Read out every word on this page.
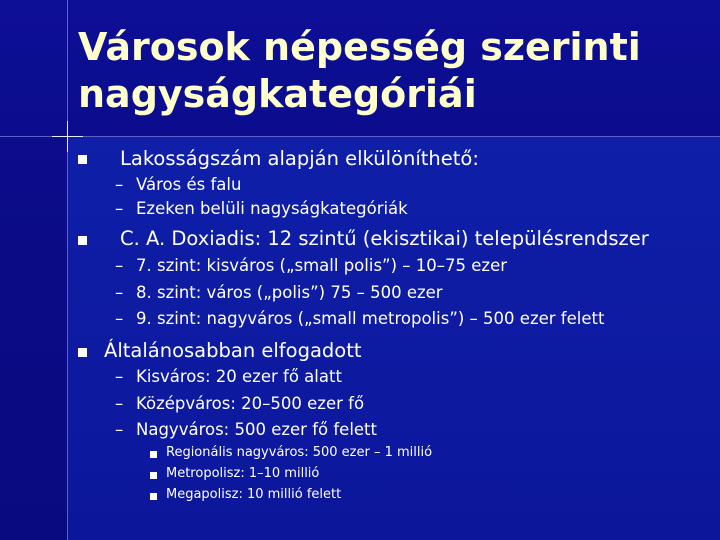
Városok népesség szerinti nagyságkategóriái
Lakosságszám alapján elkülöníthető:
– Város és falu
– Ezeken belüli nagyságkategóriák
C. A. Doxiadis: 12 szintű (ekisztikai) településrendszer
– 7. szint: kisváros („small polis”) – 10–75 ezer
– 8. szint: város („polis”) 75 – 500 ezer
– 9. szint: nagyváros („small metropolis”) – 500 ezer felett
Általánosabban elfogadott
– Kisváros: 20 ezer fő alatt
– Középváros: 20–500 ezer fő
– Nagyváros: 500 ezer fő felett
Regionális nagyváros: 500 ezer – 1 millió
Metropolisz: 1–10 millió
Megapolisz: 10 millió felett
